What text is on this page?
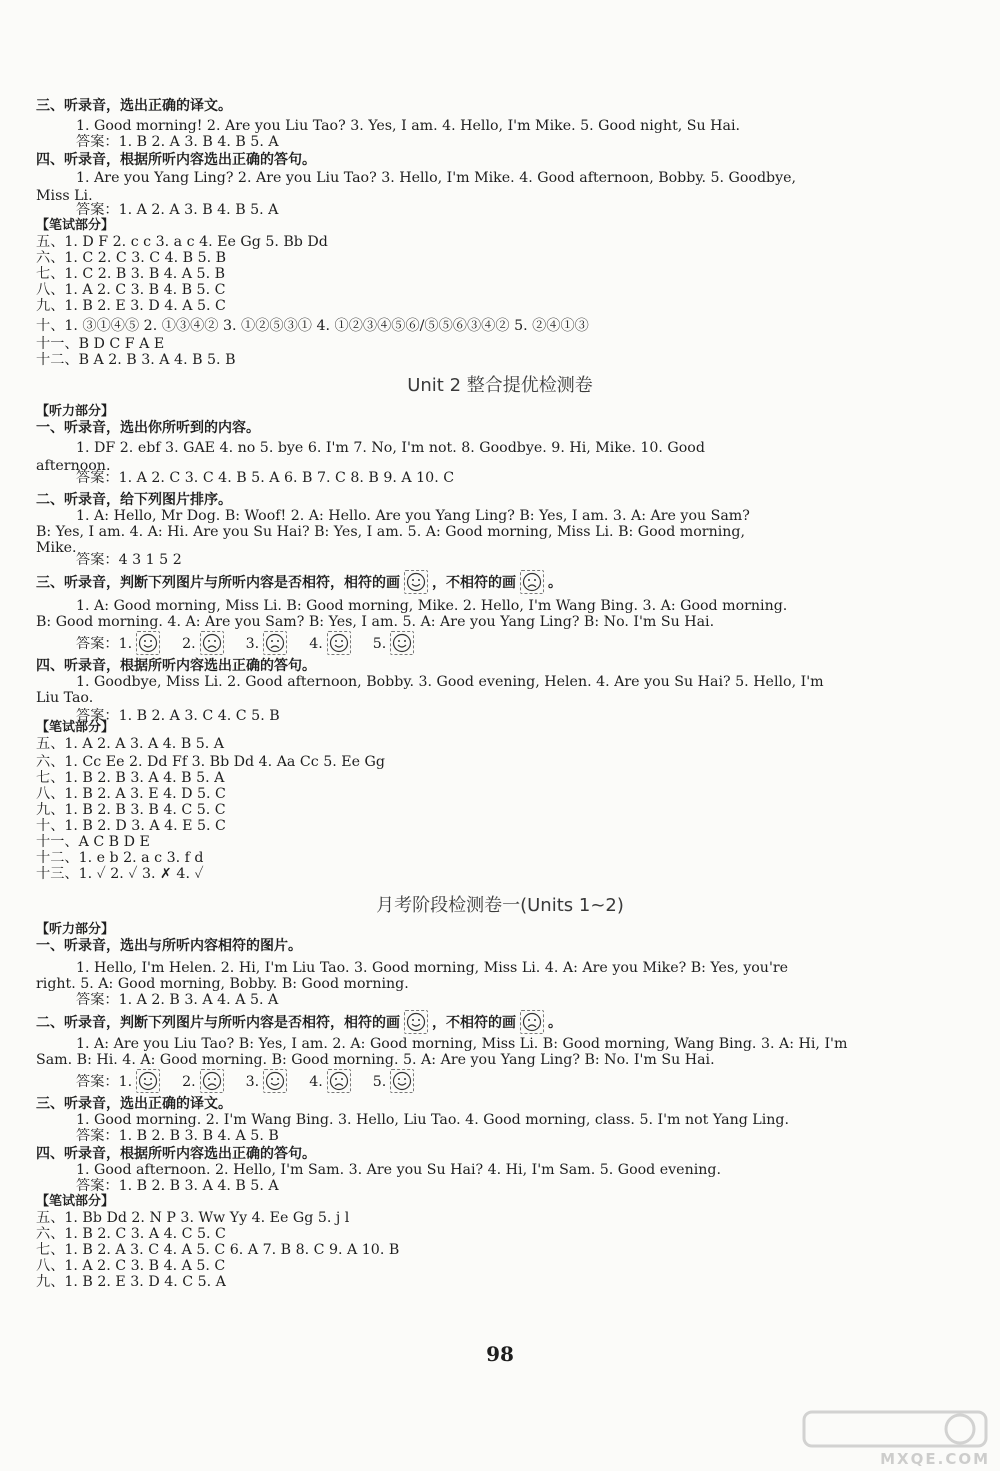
三、听录音，选出正确的译文。
1. Good morning! 2. Are you Liu Tao? 3. Yes, I am. 4. Hello, I'm Mike. 5. Good night, Su Hai.
答案：1. B 2. A 3. B 4. B 5. A
四、听录音，根据所听内容选出正确的答句。
1. Are you Yang Ling? 2. Are you Liu Tao? 3. Hello, I'm Mike. 4. Good afternoon, Bobby. 5. Goodbye,
Miss Li.
答案：1. A 2. A 3. B 4. B 5. A
【笔试部分】
五、1. D F 2. c c 3. a c 4. Ee Gg 5. Bb Dd
六、1. C 2. C 3. C 4. B 5. B
七、1. C 2. B 3. B 4. A 5. B
八、1. A 2. C 3. B 4. B 5. C
九、1. B 2. E 3. D 4. A 5. C
十、1. ③①④⑤ 2. ①③④② 3. ①②⑤③① 4. ①②③④⑤⑥/⑤⑤⑥③④② 5. ②④①③
十一、B D C F A E
十二、B A 2. B 3. A 4. B 5. B
Unit 2 整合提优检测卷
【听力部分】
一、听录音，选出你所听到的内容。
1. DF 2. ebf 3. GAE 4. no 5. bye 6. I'm 7. No, I'm not. 8. Goodbye. 9. Hi, Mike. 10. Good
afternoon.
答案：1. A 2. C 3. C 4. B 5. A 6. B 7. C 8. B 9. A 10. C
二、听录音，给下列图片排序。
1. A: Hello, Mr Dog. B: Woof! 2. A: Hello. Are you Yang Ling? B: Yes, I am. 3. A: Are you Sam?
B: Yes, I am. 4. A: Hi. Are you Su Hai? B: Yes, I am. 5. A: Good morning, Miss Li. B: Good morning,
Mike.
答案：4 3 1 5 2
三、听录音，判断下列图片与所听内容是否相符，相符的画 ，不相符的画 。
1. A: Good morning, Miss Li. B: Good morning, Mike. 2. Hello, I'm Wang Bing. 3. A: Good morning.
B: Good morning. 4. A: Are you Sam? B: Yes, I am. 5. A: Are you Yang Ling? B: No. I'm Su Hai.
答案：1.	2.	3.	4.	5.
四、听录音，根据所听内容选出正确的答句。
1. Goodbye, Miss Li. 2. Good afternoon, Bobby. 3. Good evening, Helen. 4. Are you Su Hai? 5. Hello, I'm
Liu Tao.
答案：1. B 2. A 3. C 4. C 5. B
【笔试部分】
五、1. A 2. A 3. A 4. B 5. A
六、1. Cc Ee 2. Dd Ff 3. Bb Dd 4. Aa Cc 5. Ee Gg
七、1. B 2. B 3. A 4. B 5. A
八、1. B 2. A 3. E 4. D 5. C
九、1. B 2. B 3. B 4. C 5. C
十、1. B 2. D 3. A 4. E 5. C
十一、A C B D E
十二、1. e b 2. a c 3. f d
十三、1. ✓ 2. ✓ 3. ✗ 4. ✓
月考阶段检测卷一(Units 1~2)
【听力部分】
一、听录音，选出与所听内容相符的图片。
1. Hello, I'm Helen. 2. Hi, I'm Liu Tao. 3. Good morning, Miss Li. 4. A: Are you Mike? B: Yes, you're
right. 5. A: Good morning, Bobby. B: Good morning.
答案：1. A 2. B 3. A 4. A 5. A
二、听录音，判断下列图片与所听内容是否相符，相符的画 ，不相符的画 。
1. A: Are you Liu Tao? B: Yes, I am. 2. A: Good morning, Miss Li. B: Good morning, Wang Bing. 3. A: Hi, I'm
Sam. B: Hi. 4. A: Good morning. B: Good morning. 5. A: Are you Yang Ling? B: No. I'm Su Hai.
答案：1.	2.	3.	4.	5.
三、听录音，选出正确的译文。
1. Good morning. 2. I'm Wang Bing. 3. Hello, Liu Tao. 4. Good morning, class. 5. I'm not Yang Ling.
答案：1. B 2. B 3. B 4. A 5. B
四、听录音，根据所听内容选出正确的答句。
1. Good afternoon. 2. Hello, I'm Sam. 3. Are you Su Hai? 4. Hi, I'm Sam. 5. Good evening.
答案：1. B 2. B 3. A 4. B 5. A
【笔试部分】
五、1. Bb Dd 2. N P 3. Ww Yy 4. Ee Gg 5. j l
六、1. B 2. C 3. A 4. C 5. C
七、1. B 2. A 3. C 4. A 5. C 6. A 7. B 8. C 9. A 10. B
八、1. A 2. C 3. B 4. A 5. C
九、1. B 2. E 3. D 4. C 5. A
98
MXQE.COM
